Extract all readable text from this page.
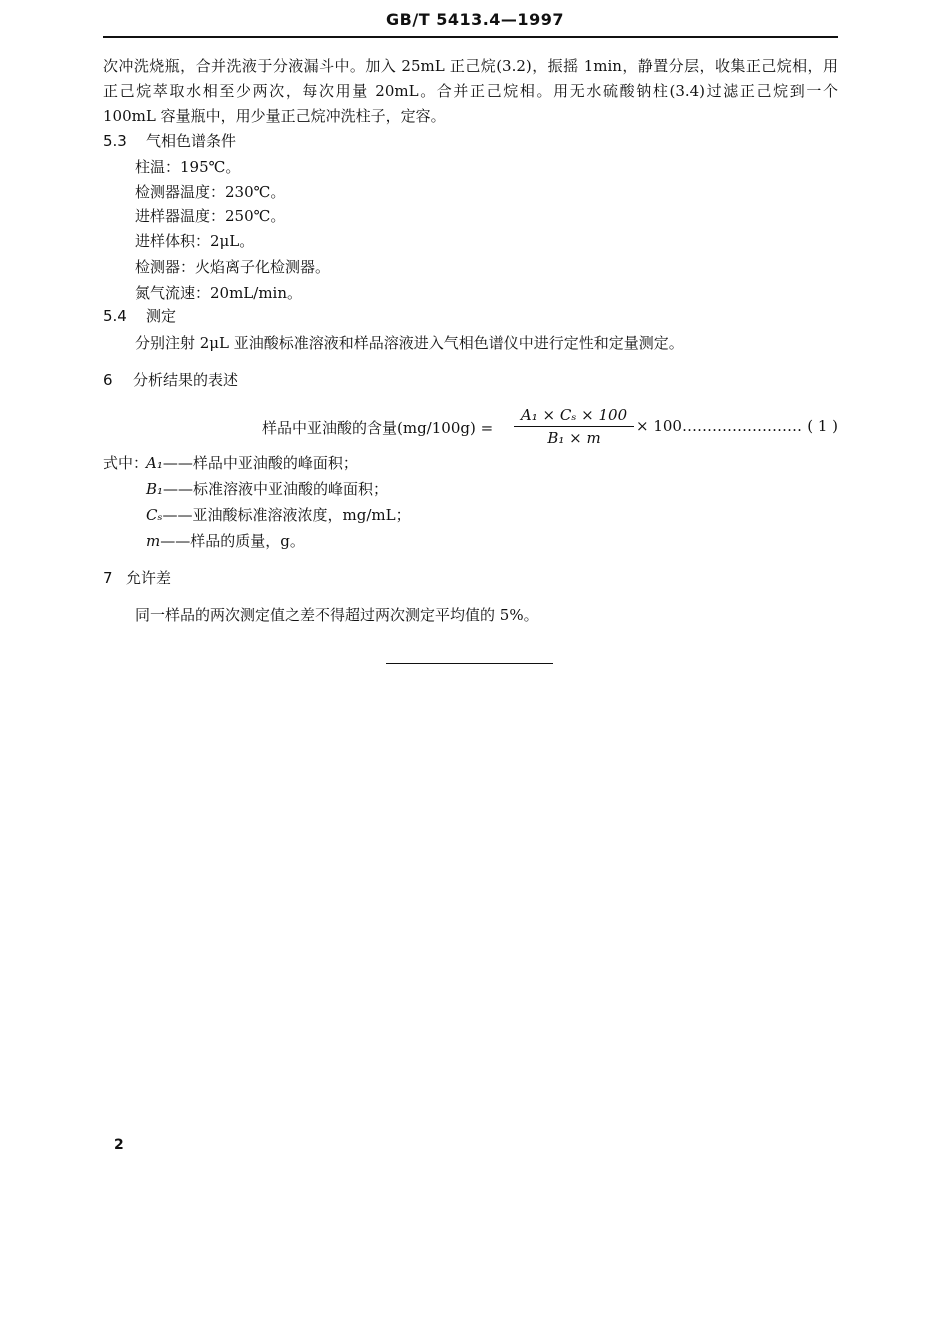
GB/T 5413.4—1997
次冲洗烧瓶，合并洗液于分液漏斗中。加入 25mL 正己烷(3.2)，振摇 1min，静置分层，收集正己烷相，用
正己烷萃取水相至少两次，每次用量 20mL。合并正己烷相。用无水硫酸钠柱(3.4)过滤正己烷到一个
100mL 容量瓶中，用少量正己烷冲洗柱子，定容。
5.3 气相色谱条件
柱温：195℃。
检测器温度：230℃。
进样器温度：250℃。
进样体积：2μL。
检测器：火焰离子化检测器。
氮气流速：20mL/min。
5.4 测定
分别注射 2μL 亚油酸标准溶液和样品溶液进入气相色谱仪中进行定性和定量测定。
6 分析结果的表述
样品中亚油酸的含量(mg/100g) =
A₁ × Cₛ × 100
B₁ × m
× 100…………………… ( 1 )
式中：
A₁——样品中亚油酸的峰面积；
B₁——标准溶液中亚油酸的峰面积；
Cₛ——亚油酸标准溶液浓度，mg/mL；
m——样品的质量，g。
7 允许差
同一样品的两次测定值之差不得超过两次测定平均值的 5%。
2
